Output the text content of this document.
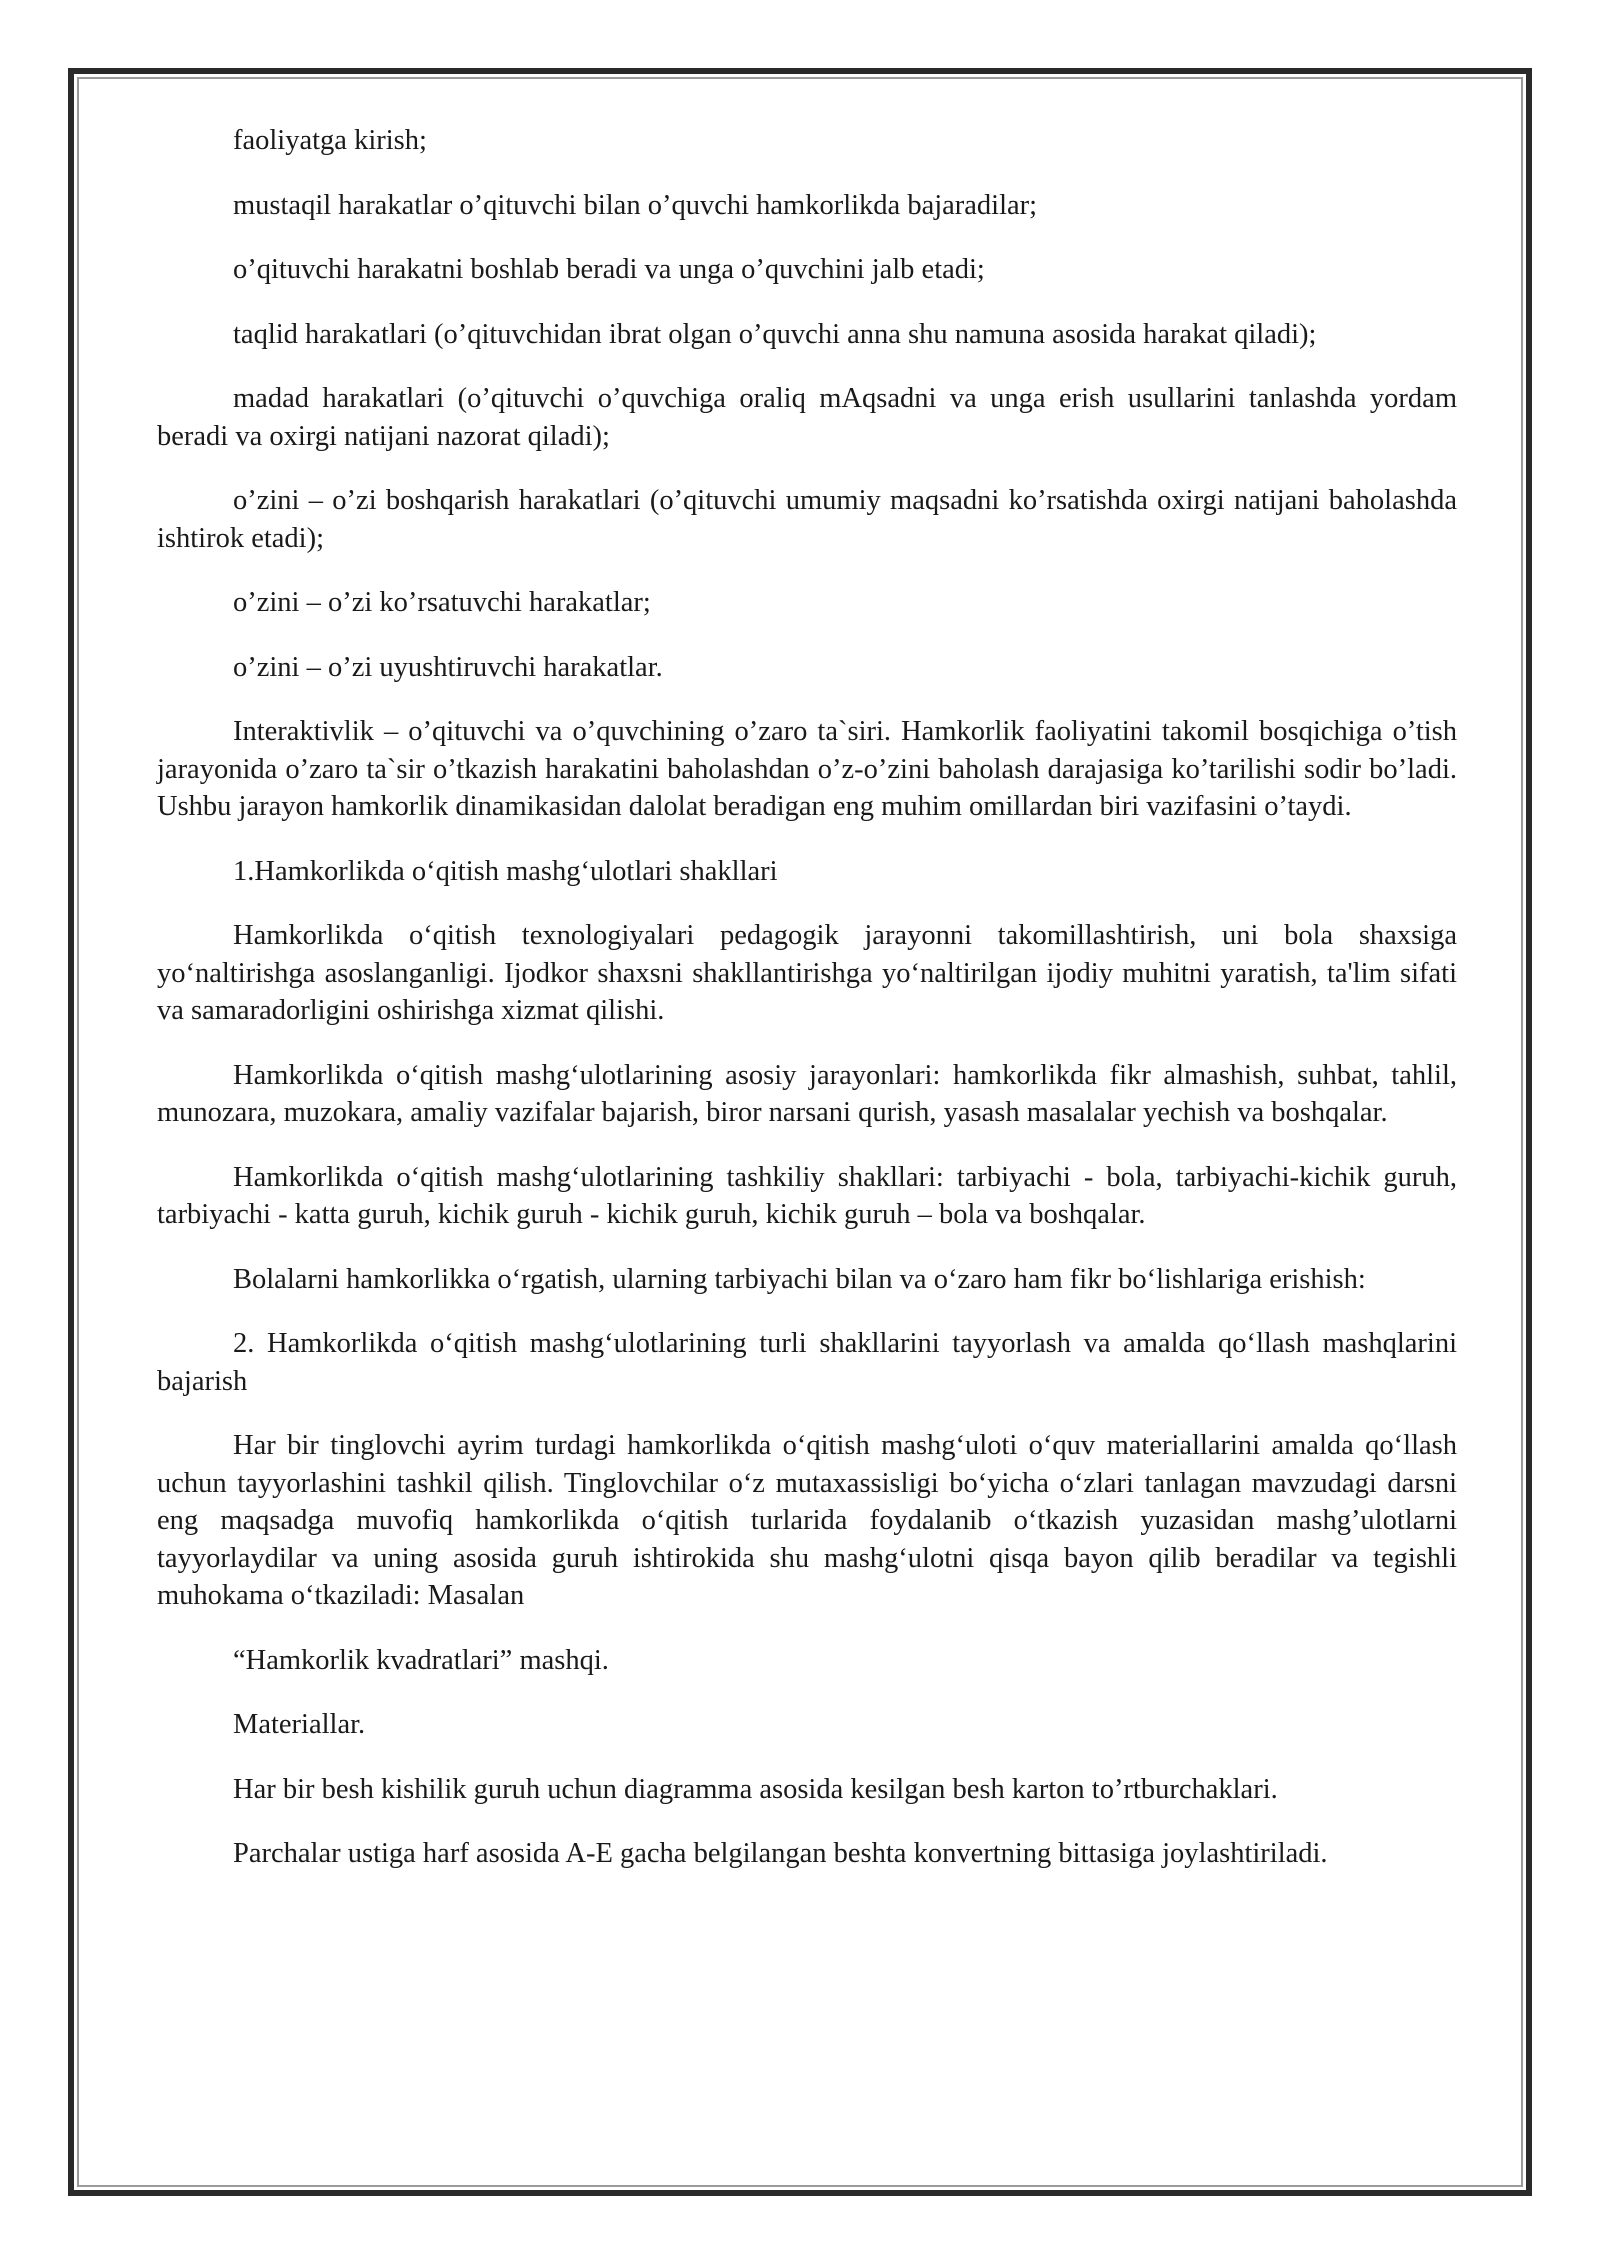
faoliyatga kirish;

mustaqil harakatlar o’qituvchi bilan o’quvchi hamkorlikda bajaradilar;

o’qituvchi harakatni boshlab beradi va unga o’quvchini jalb etadi;

taqlid harakatlari (o’qituvchidan ibrat olgan o’quvchi anna shu namuna asosida harakat qiladi);

madad harakatlari (o’qituvchi o’quvchiga oraliq mAqsadni va unga erish usullarini tanlashda yordam beradi va oxirgi natijani nazorat qiladi);

o’zini – o’zi boshqarish harakatlari (o’qituvchi umumiy maqsadni ko’rsatishda oxirgi natijani baholashda ishtirok etadi);

o’zini – o’zi ko’rsatuvchi harakatlar;

o’zini – o’zi uyushtiruvchi harakatlar.

Interaktivlik – o’qituvchi va o’quvchining o’zaro ta`siri. Hamkorlik faoliyatini takomil bosqichiga o’tish jarayonida o’zaro ta`sir o’tkazish harakatini baholashdan o’z-o’zini baholash darajasiga ko’tarilishi sodir bo’ladi. Ushbu jarayon hamkorlik dinamikasidan dalolat beradigan eng muhim omillardan biri vazifasini o’taydi.

1.Hamkorlikda oʻqitish mashgʻulotlari shakllari

Hamkorlikda oʻqitish texnologiyalari pedagogik jarayonni takomillashtirish, uni bola shaxsiga yoʻnaltirishga asoslanganligi. Ijodkor shaxsni shakllantirishga yoʻnaltirilgan ijodiy muhitni yaratish, ta'lim sifati va samaradorligini oshirishga xizmat qilishi.

Hamkorlikda oʻqitish mashgʻulotlarining asosiy jarayonlari: hamkorlikda fikr almashish, suhbat, tahlil, munozara, muzokara, amaliy vazifalar bajarish, biror narsani qurish, yasash masalalar yechish va boshqalar.

Hamkorlikda oʻqitish mashgʻulotlarining tashkiliy shakllari: tarbiyachi - bola, tarbiyachi-kichik guruh, tarbiyachi - katta guruh, kichik guruh - kichik guruh, kichik guruh – bola va boshqalar.

Bolalarni hamkorlikka oʻrgatish, ularning tarbiyachi bilan va oʻzaro ham fikr boʻlishlariga erishish:

2. Hamkorlikda oʻqitish mashgʻulotlarining turli shakllarini tayyorlash va amalda qoʻllash mashqlarini bajarish

Har bir tinglovchi ayrim turdagi hamkorlikda oʻqitish mashgʻuloti oʻquv materiallarini amalda qoʻllash uchun tayyorlashini tashkil qilish. Tinglovchilar oʻz mutaxassisligi boʻyicha oʻzlari tanlagan mavzudagi darsni eng maqsadga muvofiq hamkorlikda oʻqitish turlarida foydalanib oʻtkazish yuzasidan mashg’ulotlarni tayyorlaydilar va uning asosida guruh ishtirokida shu mashgʻulotni qisqa bayon qilib beradilar va tegishli muhokama oʻtkaziladi: Masalan

“Hamkorlik kvadratlari” mashqi.

Materiallar.

Har bir besh kishilik guruh uchun diagramma asosida kesilgan besh karton to’rtburchaklari.

Parchalar ustiga harf asosida A-E gacha belgilangan beshta konvertning bittasiga joylashtiriladi.
